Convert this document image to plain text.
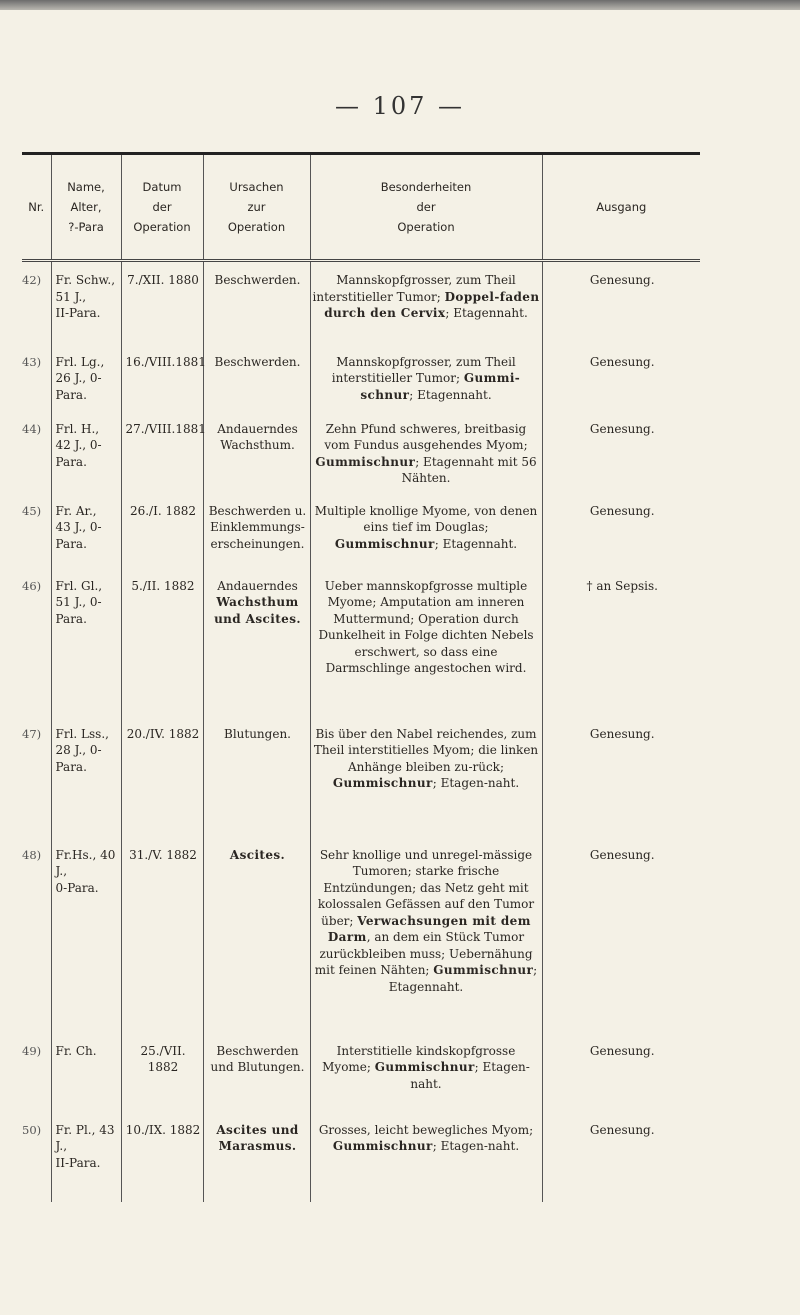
— 107 —
Nr.	Name,
Alter,
?-Para	Datum
der
Operation	Ursachen
zur
Operation	Besonderheiten
der
Operation	Ausgang
42)	Fr. Schw.,
51 J.,
II-Para.	7./XII. 1880	Beschwerden.	Mannskopfgrosser, zum Theil interstitieller Tumor; Doppel-faden durch den Cervix; Etagennaht.	Genesung.
43)	Frl. Lg.,
26 J., 0-Para.	16./VIII.1881	Beschwerden.	Mannskopfgrosser, zum Theil interstitieller Tumor; Gummi-schnur; Etagennaht.	Genesung.
44)	Frl. H.,
42 J., 0-Para.	27./VIII.1881	Andauerndes
Wachsthum.	Zehn Pfund schweres, breitbasig vom Fundus ausgehendes Myom; Gummischnur; Etagennaht mit 56 Nähten.	Genesung.
45)	Fr. Ar.,
43 J., 0-Para.	26./I. 1882	Beschwerden u.
Einklemmungs-
erscheinungen.	Multiple knollige Myome, von denen eins tief im Douglas; Gummischnur; Etagennaht.	Genesung.
46)	Frl. Gl.,
51 J., 0-Para.	5./II. 1882	Andauerndes
Wachsthum
und Ascites.	Ueber mannskopfgrosse multiple Myome; Amputation am inneren Muttermund; Operation durch Dunkelheit in Folge dichten Nebels erschwert, so dass eine Darmschlinge angestochen wird.	† an Sepsis.
47)	Frl. Lss.,
28 J., 0-Para.	20./IV. 1882	Blutungen.	Bis über den Nabel reichendes, zum Theil interstitielles Myom; die linken Anhänge bleiben zu-rück; Gummischnur; Etagen-naht.	Genesung.
48)	Fr.Hs., 40 J.,
0-Para.	31./V. 1882	Ascites.	Sehr knollige und unregel-mässige Tumoren; starke frische Entzündungen; das Netz geht mit kolossalen Gefässen auf den Tumor über; Verwachsungen mit dem Darm, an dem ein Stück Tumor zurückbleiben muss; Uebernähung mit feinen Nähten; Gummischnur; Etagennaht.	Genesung.
49)	Fr. Ch.	25./VII. 1882	Beschwerden
und Blutungen.	Interstitielle kindskopfgrosse Myome; Gummischnur; Etagen-naht.	Genesung.
50)	Fr. Pl., 43 J.,
II-Para.	10./IX. 1882	Ascites und
Marasmus.	Grosses, leicht bewegliches Myom; Gummischnur; Etagen-naht.	Genesung.
